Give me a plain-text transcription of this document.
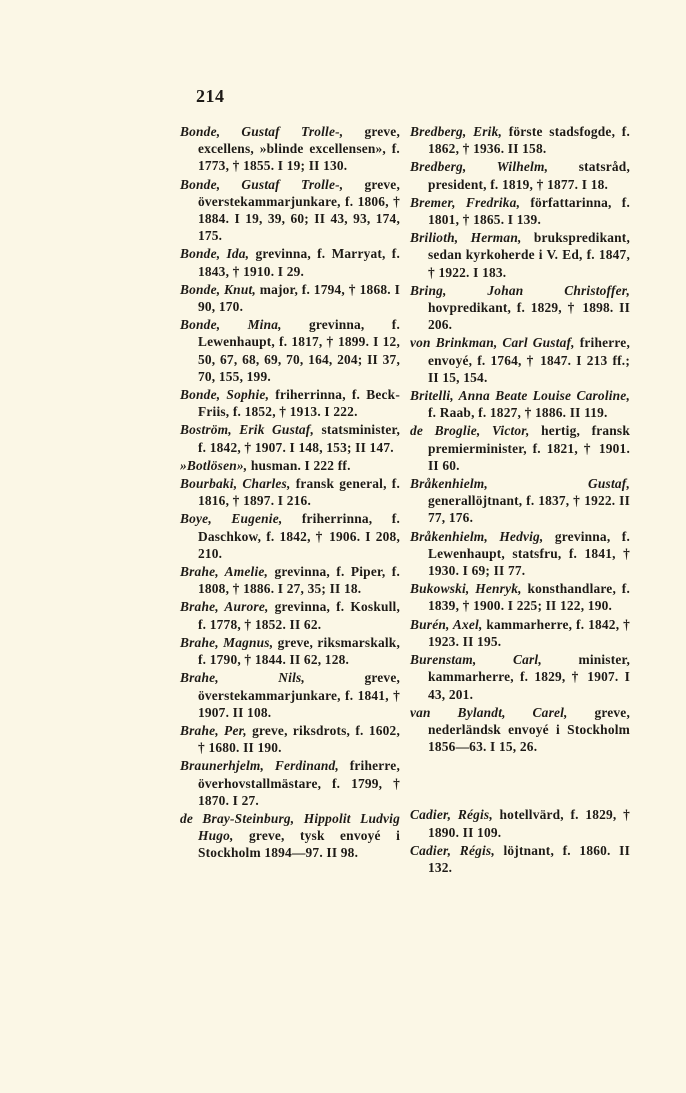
214

Bonde, Gustaf Trolle-, greve, excellens, »blinde excellensen», f. 1773, † 1855. I 19; II 130.

Bonde, Gustaf Trolle-, greve, överstekammarjunkare, f. 1806, † 1884. I 19, 39, 60; II 43, 93, 174, 175.

Bonde, Ida, grevinna, f. Marryat, f. 1843, † 1910. I 29.

Bonde, Knut, major, f. 1794, † 1868. I 90, 170.

Bonde, Mina, grevinna, f. Lewenhaupt, f. 1817, † 1899. I 12, 50, 67, 68, 69, 70, 164, 204; II 37, 70, 155, 199.

Bonde, Sophie, friherrinna, f. Beck-Friis, f. 1852, † 1913. I 222.

Boström, Erik Gustaf, statsminister, f. 1842, † 1907. I 148, 153; II 147.

»Botlösen», husman. I 222 ff.

Bourbaki, Charles, fransk general, f. 1816, † 1897. I 216.

Boye, Eugenie, friherrinna, f. Daschkow, f. 1842, † 1906. I 208, 210.

Brahe, Amelie, grevinna, f. Piper, f. 1808, † 1886. I 27, 35; II 18.

Brahe, Aurore, grevinna, f. Koskull, f. 1778, † 1852. II 62.

Brahe, Magnus, greve, riksmarskalk, f. 1790, † 1844. II 62, 128.

Brahe, Nils, greve, överstekammarjunkare, f. 1841, † 1907. II 108.

Brahe, Per, greve, riksdrots, f. 1602, † 1680. II 190.

Braunerhjelm, Ferdinand, friherre, överhovstallmästare, f. 1799, † 1870. I 27.

de Bray-Steinburg, Hippolit Ludvig Hugo, greve, tysk envoyé i Stockholm 1894—97. II 98.

Bredberg, Erik, förste stadsfogde, f. 1862, † 1936. II 158.

Bredberg, Wilhelm, statsråd, president, f. 1819, † 1877. I 18.

Bremer, Fredrika, författarinna, f. 1801, † 1865. I 139.

Brilioth, Herman, brukspredikant, sedan kyrkoherde i V. Ed, f. 1847, † 1922. I 183.

Bring, Johan Christoffer, hovpredikant, f. 1829, † 1898. II 206.

von Brinkman, Carl Gustaf, friherre, envoyé, f. 1764, † 1847. I 213 ff.; II 15, 154.

Britelli, Anna Beate Louise Caroline, f. Raab, f. 1827, † 1886. II 119.

de Broglie, Victor, hertig, fransk premierminister, f. 1821, † 1901. II 60.

Bråkenhielm, Gustaf, generallöjtnant, f. 1837, † 1922. II 77, 176.

Bråkenhielm, Hedvig, grevinna, f. Lewenhaupt, statsfru, f. 1841, † 1930. I 69; II 77.

Bukowski, Henryk, konsthandlare, f. 1839, † 1900. I 225; II 122, 190.

Burén, Axel, kammarherre, f. 1842, † 1923. II 195.

Burenstam, Carl, minister, kammarherre, f. 1829, † 1907. I 43, 201.

van Bylandt, Carel, greve, nederländsk envoyé i Stockholm 1856—63. I 15, 26.

Cadier, Régis, hotellvärd, f. 1829, † 1890. II 109.

Cadier, Régis, löjtnant, f. 1860. II 132.
